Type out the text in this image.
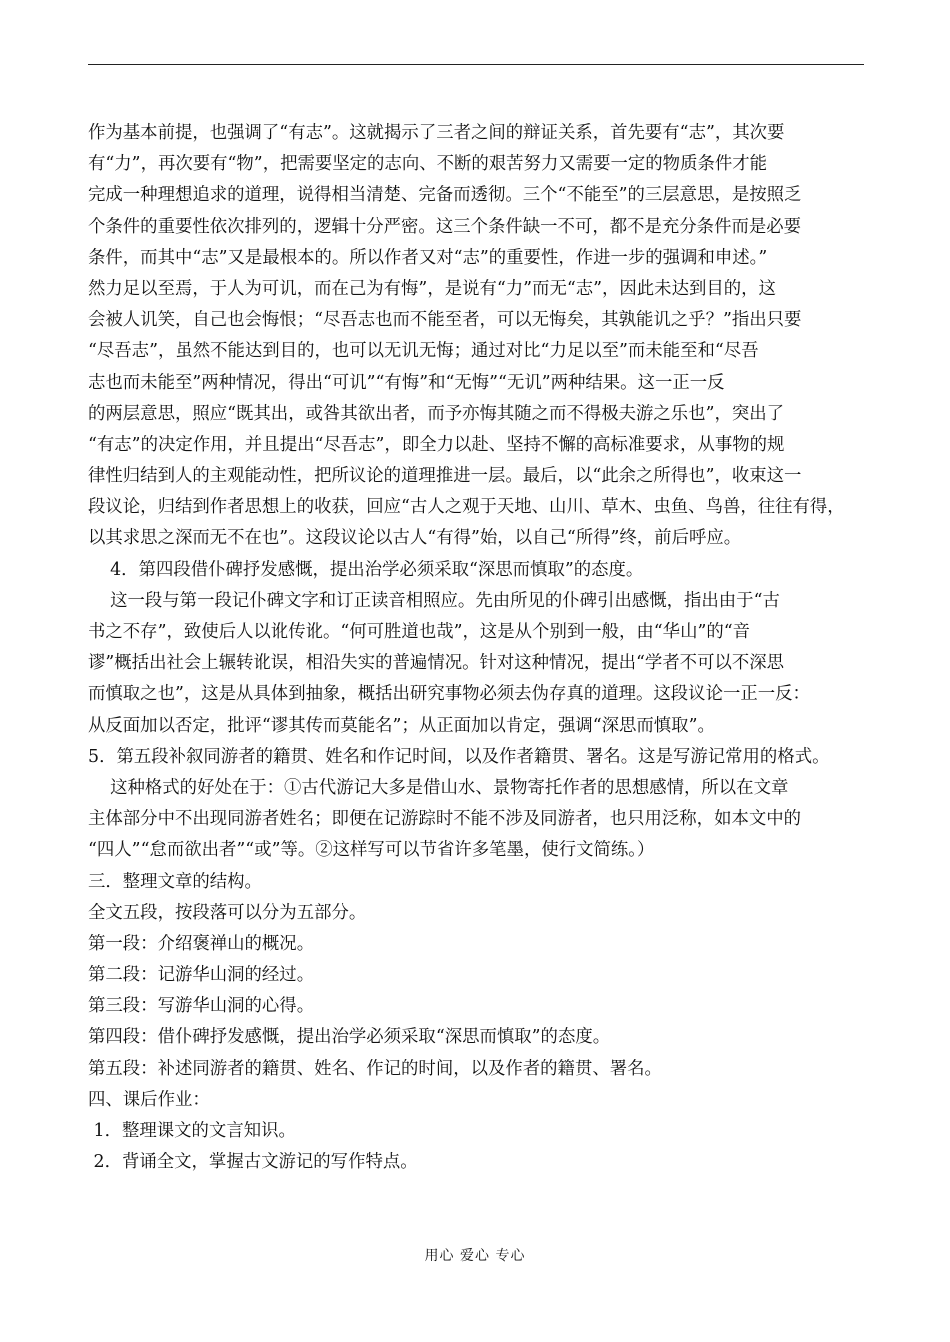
作为基本前提，也强调了“有志”。这就揭示了三者之间的辩证关系，首先要有“志”，其次要
有“力”，再次要有“物”，把需要坚定的志向、不断的艰苦努力又需要一定的物质条件才能
完成一种理想追求的道理，说得相当清楚、完备而透彻。三个“不能至”的三层意思，是按照乏
个条件的重要性依次排列的，逻辑十分严密。这三个条件缺一不可，都不是充分条件而是必要
条件，而其中“志”又是最根本的。所以作者又对“志”的重要性，作进一步的强调和申述。”
然力足以至焉，于人为可讥，而在己为有悔”，是说有“力”而无“志”，因此未达到目的，这
会被人讥笑，自己也会悔恨；“尽吾志也而不能至者，可以无悔矣，其孰能讥之乎？”指出只要
“尽吾志”，虽然不能达到目的，也可以无讥无悔；通过对比“力足以至”而未能至和“尽吾
志也而未能至”两种情况，得出“可讥”“有悔”和“无悔”“无讥”两种结果。这一正一反
的两层意思，照应“既其出，或咎其欲出者，而予亦悔其随之而不得极夫游之乐也”，突出了
“有志”的决定作用，并且提出“尽吾志”，即全力以赴、坚持不懈的高标准要求，从事物的规
律性归结到人的主观能动性，把所议论的道理推进一层。最后，以“此余之所得也”，收束这一
段议论，归结到作者思想上的收获，回应“古人之观于天地、山川、草木、虫鱼、鸟兽，往往有得，
以其求思之深而无不在也”。这段议论以古人“有得”始，以自己“所得”终，前后呼应。
4．第四段借仆碑抒发感慨，提出治学必须采取“深思而慎取”的态度。
这一段与第一段记仆碑文字和订正读音相照应。先由所见的仆碑引出感慨，指出由于“古
书之不存”，致使后人以讹传讹。“何可胜道也哉”，这是从个别到一般，由“华山”的“音
谬”概括出社会上辗转讹误，相沿失实的普遍情况。针对这种情况，提出“学者不可以不深思
而慎取之也”，这是从具体到抽象，概括出研究事物必须去伪存真的道理。这段议论一正一反：
从反面加以否定，批评“谬其传而莫能名”；从正面加以肯定，强调“深思而慎取”。
5．第五段补叙同游者的籍贯、姓名和作记时间，以及作者籍贯、署名。这是写游记常用的格式。
这种格式的好处在于：①古代游记大多是借山水、景物寄托作者的思想感情，所以在文章
主体部分中不出现同游者姓名；即便在记游踪时不能不涉及同游者，也只用泛称，如本文中的
“四人”“怠而欲出者”“或”等。②这样写可以节省许多笔墨，使行文简练。）
三．整理文章的结构。
全文五段，按段落可以分为五部分。
第一段：介绍褒禅山的概况。
第二段：记游华山洞的经过。
第三段：写游华山洞的心得。
第四段：借仆碑抒发感慨，提出治学必须采取“深思而慎取”的态度。
第五段：补述同游者的籍贯、姓名、作记的时间，以及作者的籍贯、署名。
四、课后作业：
1．整理课文的文言知识。
2．背诵全文，掌握古文游记的写作特点。
用心 爱心 专心
